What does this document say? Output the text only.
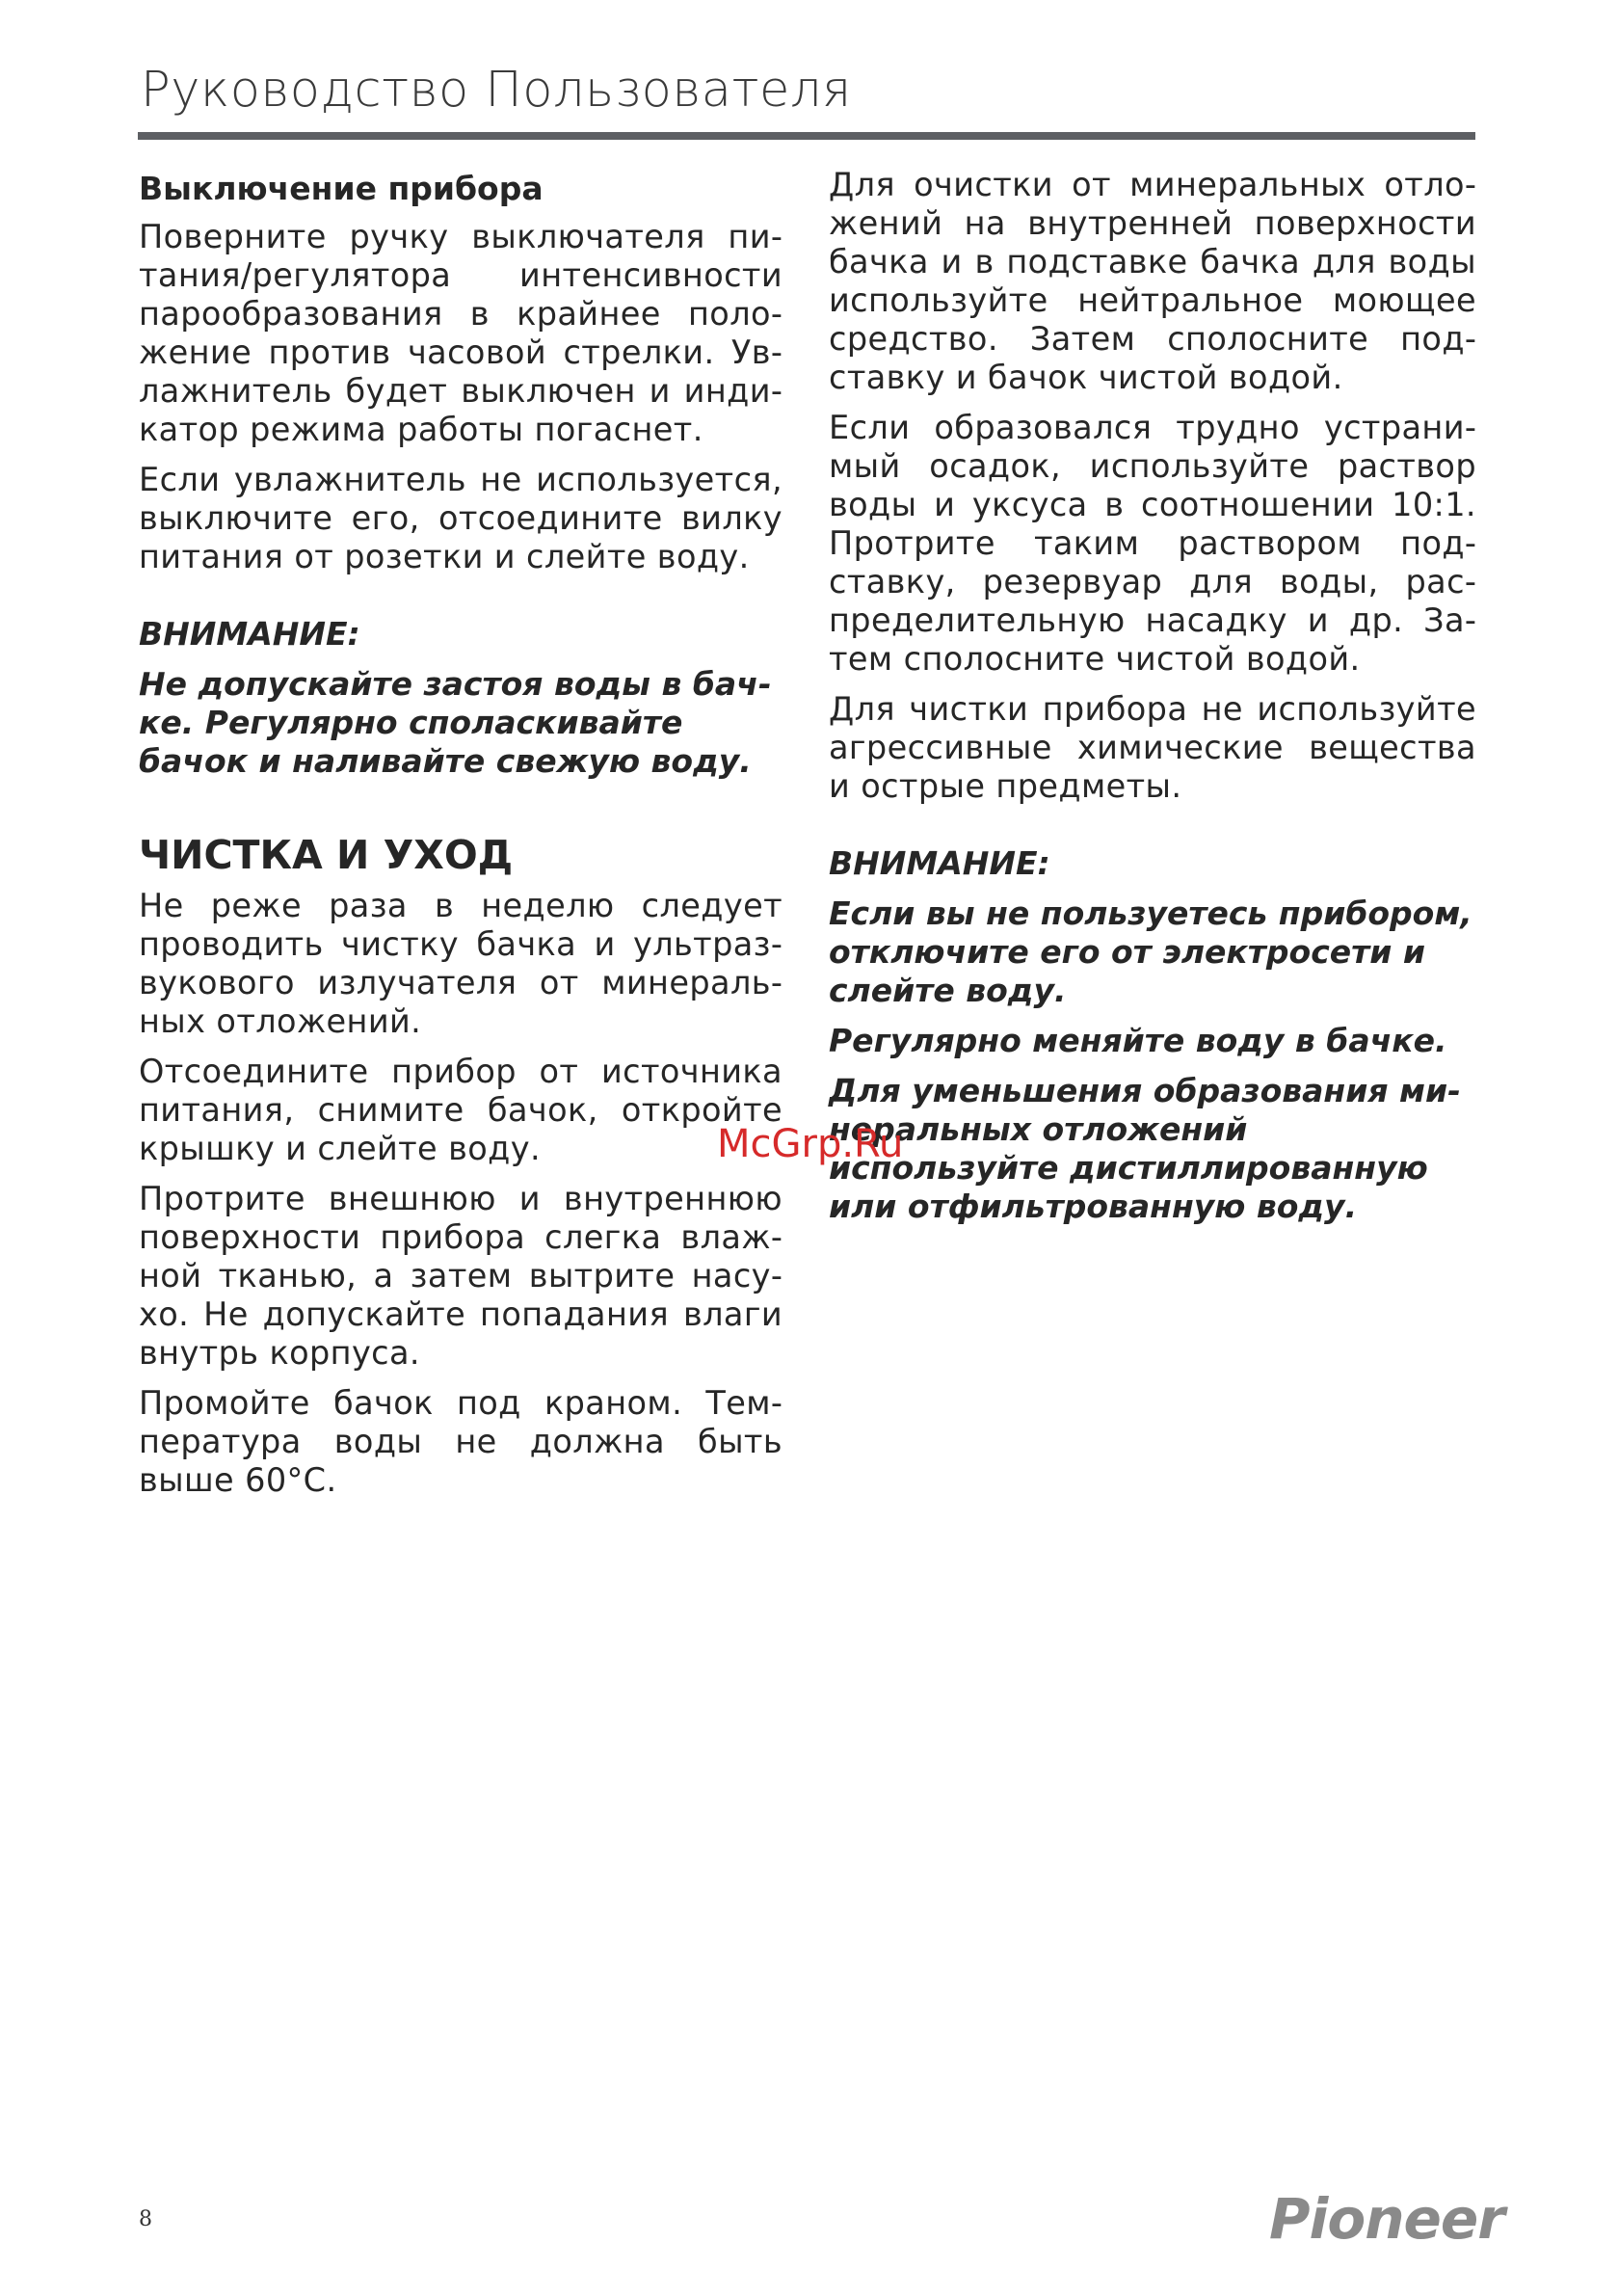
Руководство Пользователя
Выключение прибора

Поверните ручку выключателя питания/регулятора интенсивности парообразования в крайнее положение против часовой стрелки. Увлажнитель будет выключен и индикатор режима работы погаснет.

Если увлажнитель не используется, выключите его, отсоедините вилку питания от розетки и слейте воду.

ВНИМАНИЕ:
Не допускайте застоя воды в бачке. Регулярно споласкивайте бачок и наливайте свежую воду.
ЧИСТКА И УХОД

Не реже раза в неделю следует проводить чистку бачка и ультразвукового излучателя от минеральных отложений.

Отсоедините прибор от источника питания, снимите бачок, откройте крышку и слейте воду.

Протрите внешнюю и внутреннюю поверхности прибора слегка влажной тканью, а затем вытрите насухо. Не допускайте попадания влаги внутрь корпуса.

Промойте бачок под краном. Температура воды не должна быть выше 60°С.

Для очистки от минеральных отложений на внутренней поверхности бачка и в подставке бачка для воды используйте нейтральное моющее средство. Затем сполосните подставку и бачок чистой водой.

Если образовался трудно устранимый осадок, используйте раствор воды и уксуса в соотношении 10:1. Протрите таким раствором подставку, резервуар для воды, распределительную насадку и др. Затем сполосните чистой водой.

Для чистки прибора не используйте агрессивные химические вещества и острые предметы.

ВНИМАНИЕ:
Если вы не пользуетесь прибором, отключите его от электросети и слейте воду.
Регулярно меняйте воду в бачке.
Для уменьшения образования минеральных отложений используйте дистиллированную или отфильтрованную воду.
McGrp.Ru
8	Pioneer
